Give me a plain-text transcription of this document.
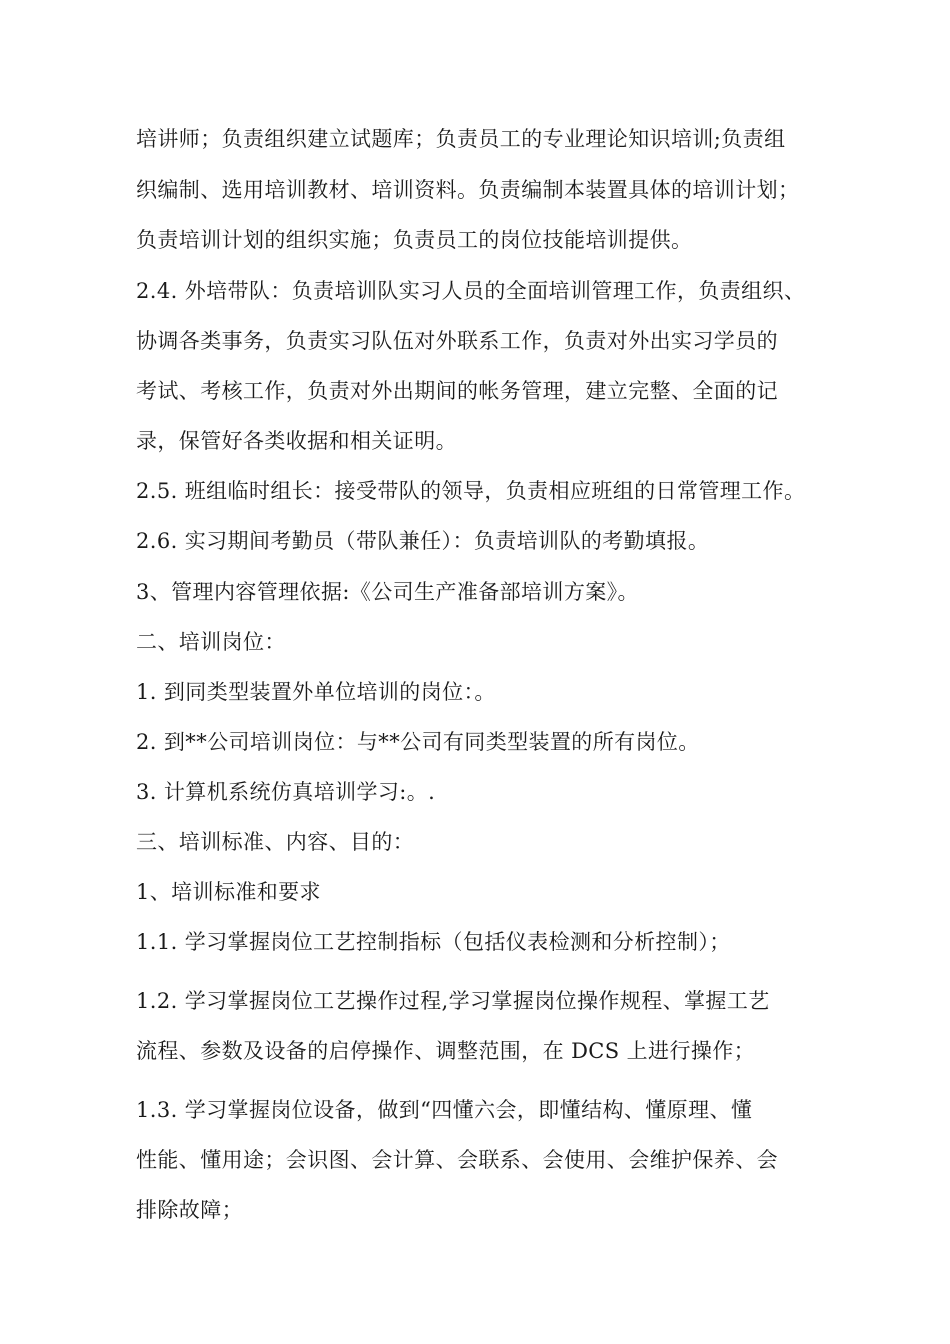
培讲师；负责组织建立试题库；负责员工的专业理论知识培训;负责组
织编制、选用培训教材、培训资料。负责编制本装置具体的培训计划；
负责培训计划的组织实施；负责员工的岗位技能培训提供。
2.4. 外培带队：负责培训队实习人员的全面培训管理工作，负责组织、
协调各类事务，负责实习队伍对外联系工作，负责对外出实习学员的
考试、考核工作，负责对外出期间的帐务管理，建立完整、全面的记
录，保管好各类收据和相关证明。
2.5. 班组临时组长：接受带队的领导，负责相应班组的日常管理工作。
2.6. 实习期间考勤员（带队兼任）：负责培训队的考勤填报。
3、管理内容管理依据:《公司生产准备部培训方案》。
二、培训岗位：
1. 到同类型装置外单位培训的岗位：。
2. 到**公司培训岗位：与**公司有同类型装置的所有岗位。
3. 计算机系统仿真培训学习:。.
三、培训标准、内容、目的：
1、培训标准和要求
1.1. 学习掌握岗位工艺控制指标（包括仪表检测和分析控制）；
1.2. 学习掌握岗位工艺操作过程,学习掌握岗位操作规程、掌握工艺
流程、参数及设备的启停操作、调整范围，在 DCS 上进行操作；
1.3. 学习掌握岗位设备，做到“四懂六会，即懂结构、懂原理、懂
性能、懂用途；会识图、会计算、会联系、会使用、会维护保养、会
排除故障；
